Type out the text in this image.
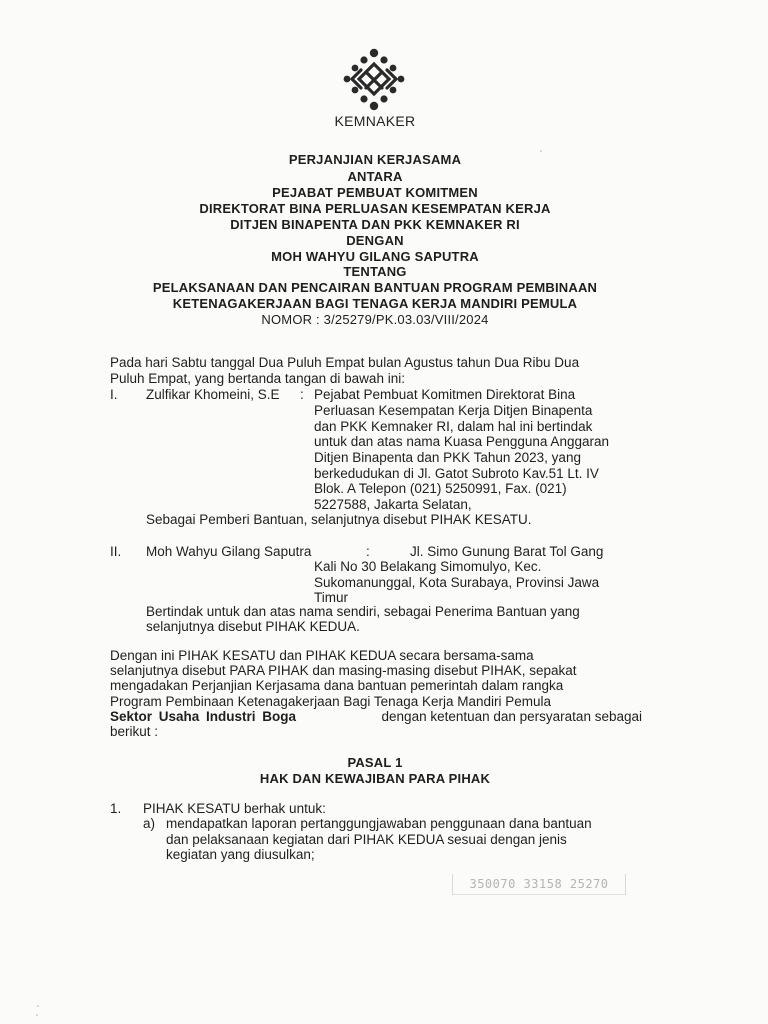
KEMNAKER
PERJANJIAN KERJASAMA
ANTARA
PEJABAT PEMBUAT KOMITMEN
DIREKTORAT BINA PERLUASAN KESEMPATAN KERJA
DITJEN BINAPENTA DAN PKK KEMNAKER RI
DENGAN
MOH WAHYU GILANG SAPUTRA
TENTANG
PELAKSANAAN DAN PENCAIRAN BANTUAN PROGRAM PEMBINAAN
KETENAGAKERJAAN BAGI TENAGA KERJA MANDIRI PEMULA
NOMOR : 3/25279/PK.03.03/VIII/2024
Pada hari Sabtu tanggal Dua Puluh Empat bulan Agustus tahun Dua Ribu Dua
Puluh Empat, yang bertanda tangan di bawah ini:
I. Zulfikar Khomeini, S.E : Pejabat Pembuat Komitmen Direktorat Bina
Perluasan Kesempatan Kerja Ditjen Binapenta
dan PKK Kemnaker RI, dalam hal ini bertindak
untuk dan atas nama Kuasa Pengguna Anggaran
Ditjen Binapenta dan PKK Tahun 2023, yang
berkedudukan di Jl. Gatot Subroto Kav.51 Lt. IV
Blok. A Telepon (021) 5250991, Fax. (021)
5227588, Jakarta Selatan,
Sebagai Pemberi Bantuan, selanjutnya disebut PIHAK KESATU.
II. Moh Wahyu Gilang Saputra	:	Jl. Simo Gunung Barat Tol Gang
Kali No 30 Belakang Simomulyo, Kec.
Sukomanunggal, Kota Surabaya, Provinsi Jawa
Timur
Bertindak untuk dan atas nama sendiri, sebagai Penerima Bantuan yang
selanjutnya disebut PIHAK KEDUA.
Dengan ini PIHAK KESATU dan PIHAK KEDUA secara bersama-sama
selanjutnya disebut PARA PIHAK dan masing-masing disebut PIHAK, sepakat
mengadakan Perjanjian Kerjasama dana bantuan pemerintah dalam rangka
Program Pembinaan Ketenagakerjaan Bagi Tenaga Kerja Mandiri Pemula
Sektor Usaha Industri Boga	dengan ketentuan dan persyaratan sebagai
berikut :
PASAL 1
HAK DAN KEWAJIBAN PARA PIHAK
1. PIHAK KESATU berhak untuk:
a) mendapatkan laporan pertanggungjawaban penggunaan dana bantuan
dan pelaksanaan kegiatan dari PIHAK KEDUA sesuai dengan jenis
kegiatan yang diusulkan;
350070 33158 25270
